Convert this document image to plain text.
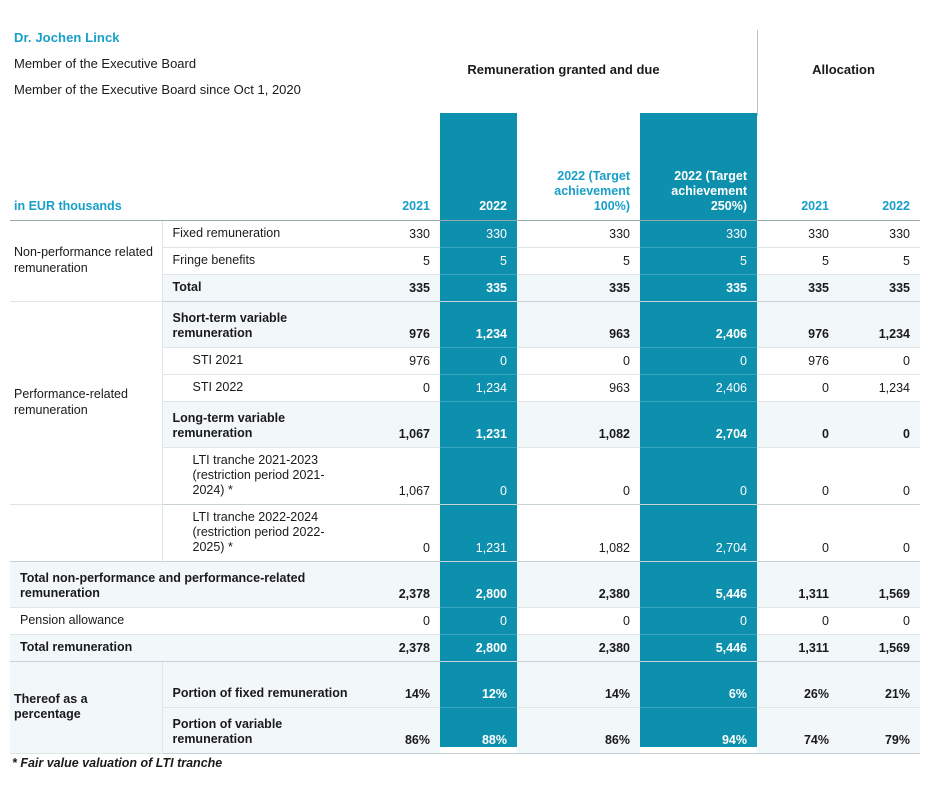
Dr. Jochen Linck
Member of the Executive Board
Member of the Executive Board since Oct 1, 2020
Remuneration granted and due	Allocation
in EUR thousands		2021	2022	2022 (Target achievement 100%)	2022 (Target achievement 250%)	2021	2022
Non-performance related remuneration	Fixed remuneration	330	330	330	330	330	330
	Fringe benefits	5	5	5	5	5	5
	Total	335	335	335	335	335	335
Performance-related remuneration	Short-term variable remuneration	976	1,234	963	2,406	976	1,234
	STI 2021	976	0	0	0	976	0
	STI 2022	0	1,234	963	2,406	0	1,234
	Long-term variable remuneration	1,067	1,231	1,082	2,704	0	0
	LTI tranche 2021-2023 (restriction period 2021-2024) *	1,067	0	0	0	0	0
	LTI tranche 2022-2024 (restriction period 2022-2025) *	0	1,231	1,082	2,704	0	0
Total non-performance and performance-related remuneration		2,378	2,800	2,380	5,446	1,311	1,569
Pension allowance		0	0	0	0	0	0
Total remuneration		2,378	2,800	2,380	5,446	1,311	1,569
Thereof as a percentage	Portion of fixed remuneration	14%	12%	14%	6%	26%	21%
	Portion of variable remuneration	86%	88%	86%	94%	74%	79%
* Fair value valuation of LTI tranche
